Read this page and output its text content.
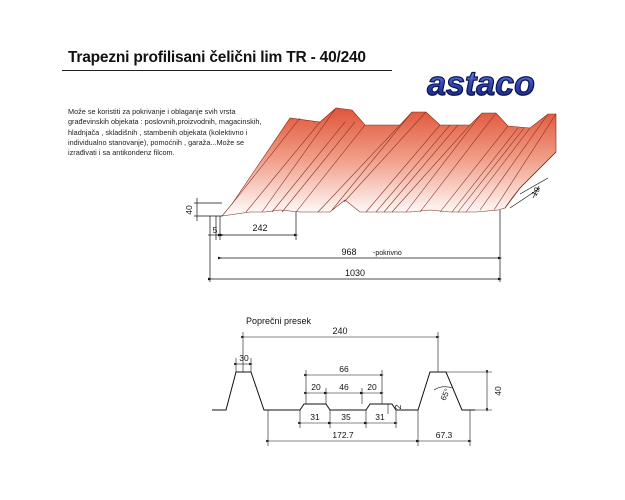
Trapezni profilisani čelični lim TR - 40/240
astaco
Može se koristiti za pokrivanje i oblaganje svih vrsta građevinskih objekata : poslovnih,proizvodnih, magacinskih, hladnjača , skladišnih , stambenih objekata (kolektivno i individualno stanovanje), pomoćnih , garaža...Može se izrađivati i sa antikondenz filcom.
40
5	242
968 -pokrivno
1030
19
Poprečni presek
240
30
66
20 46 20
31	35	31
2
172.7	67.3
40
65°
